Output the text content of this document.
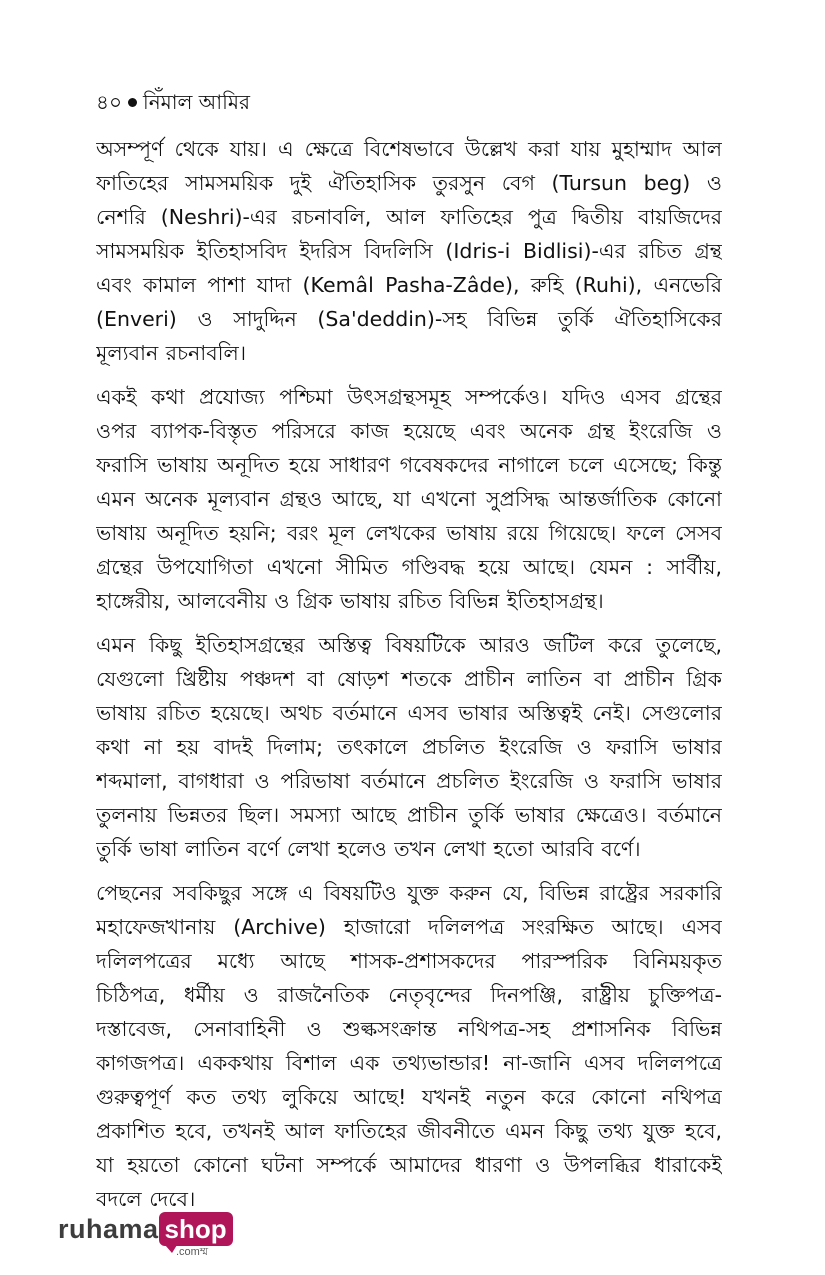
৪০ নিঁমাল আমির
অসম্পূর্ণ থেকে যায়। এ ক্ষেত্রে বিশেষভাবে উল্লেখ করা যায় মুহাম্মাদ আল
ফাতিহের সামসময়িক দুই ঐতিহাসিক তুরসুন বেগ (Tursun beg) ও
নেশরি (Neshri)-এর রচনাবলি, আল ফাতিহের পুত্র দ্বিতীয় বায়জিদের
সামসময়িক ইতিহাসবিদ ইদরিস বিদলিসি (Idris-i Bidlisi)-এর রচিত গ্রন্থ
এবং কামাল পাশা যাদা (Kemâl Pasha-Zâde), রুহি (Ruhi), এনভেরি
(Enveri) ও সাদুদ্দিন (Sa'deddin)-সহ বিভিন্ন তুর্কি ঐতিহাসিকের
মূল্যবান রচনাবলি।
একই কথা প্রযোজ্য পশ্চিমা উৎসগ্রন্থসমূহ সম্পর্কেও। যদিও এসব গ্রন্থের
ওপর ব্যাপক-বিস্তৃত পরিসরে কাজ হয়েছে এবং অনেক গ্রন্থ ইংরেজি ও
ফরাসি ভাষায় অনূদিত হয়ে সাধারণ গবেষকদের নাগালে চলে এসেছে; কিন্তু
এমন অনেক মূল্যবান গ্রন্থও আছে, যা এখনো সুপ্রসিদ্ধ আন্তর্জাতিক কোনো
ভাষায় অনূদিত হয়নি; বরং মূল লেখকের ভাষায় রয়ে গিয়েছে। ফলে সেসব
গ্রন্থের উপযোগিতা এখনো সীমিত গণ্ডিবদ্ধ হয়ে আছে। যেমন : সার্বীয়,
হাঙ্গেরীয়, আলবেনীয় ও গ্রিক ভাষায় রচিত বিভিন্ন ইতিহাসগ্রন্থ।
এমন কিছু ইতিহাসগ্রন্থের অস্তিত্ব বিষয়টিকে আরও জটিল করে তুলেছে,
যেগুলো খ্রিষ্টীয় পঞ্চদশ বা ষোড়শ শতকে প্রাচীন লাতিন বা প্রাচীন গ্রিক
ভাষায় রচিত হয়েছে। অথচ বর্তমানে এসব ভাষার অস্তিত্বই নেই। সেগুলোর
কথা না হয় বাদই দিলাম; তৎকালে প্রচলিত ইংরেজি ও ফরাসি ভাষার
শব্দমালা, বাগধারা ও পরিভাষা বর্তমানে প্রচলিত ইংরেজি ও ফরাসি ভাষার
তুলনায় ভিন্নতর ছিল। সমস্যা আছে প্রাচীন তুর্কি ভাষার ক্ষেত্রেও। বর্তমানে
তুর্কি ভাষা লাতিন বর্ণে লেখা হলেও তখন লেখা হতো আরবি বর্ণে।
পেছনের সবকিছুর সঙ্গে এ বিষয়টিও যুক্ত করুন যে, বিভিন্ন রাষ্ট্রের সরকারি
মহাফেজখানায় (Archive) হাজারো দলিলপত্র সংরক্ষিত আছে। এসব
দলিলপত্রের মধ্যে আছে শাসক-প্রশাসকদের পারস্পরিক বিনিময়কৃত
চিঠিপত্র, ধর্মীয় ও রাজনৈতিক নেতৃবৃন্দের দিনপঞ্জি, রাষ্ট্রীয় চুক্তিপত্র-
দস্তাবেজ, সেনাবাহিনী ও শুল্কসংক্রান্ত নথিপত্র-সহ প্রশাসনিক বিভিন্ন
কাগজপত্র। এককথায় বিশাল এক তথ্যভান্ডার! না-জানি এসব দলিলপত্রে
গুরুত্বপূর্ণ কত তথ্য লুকিয়ে আছে! যখনই নতুন করে কোনো নথিপত্র
প্রকাশিত হবে, তখনই আল ফাতিহের জীবনীতে এমন কিছু তথ্য যুক্ত হবে,
যা হয়তো কোনো ঘটনা সম্পর্কে আমাদের ধারণা ও উপলব্ধির ধারাকেই
বদলে দেবে।
ruhama shop
.comম্ম
